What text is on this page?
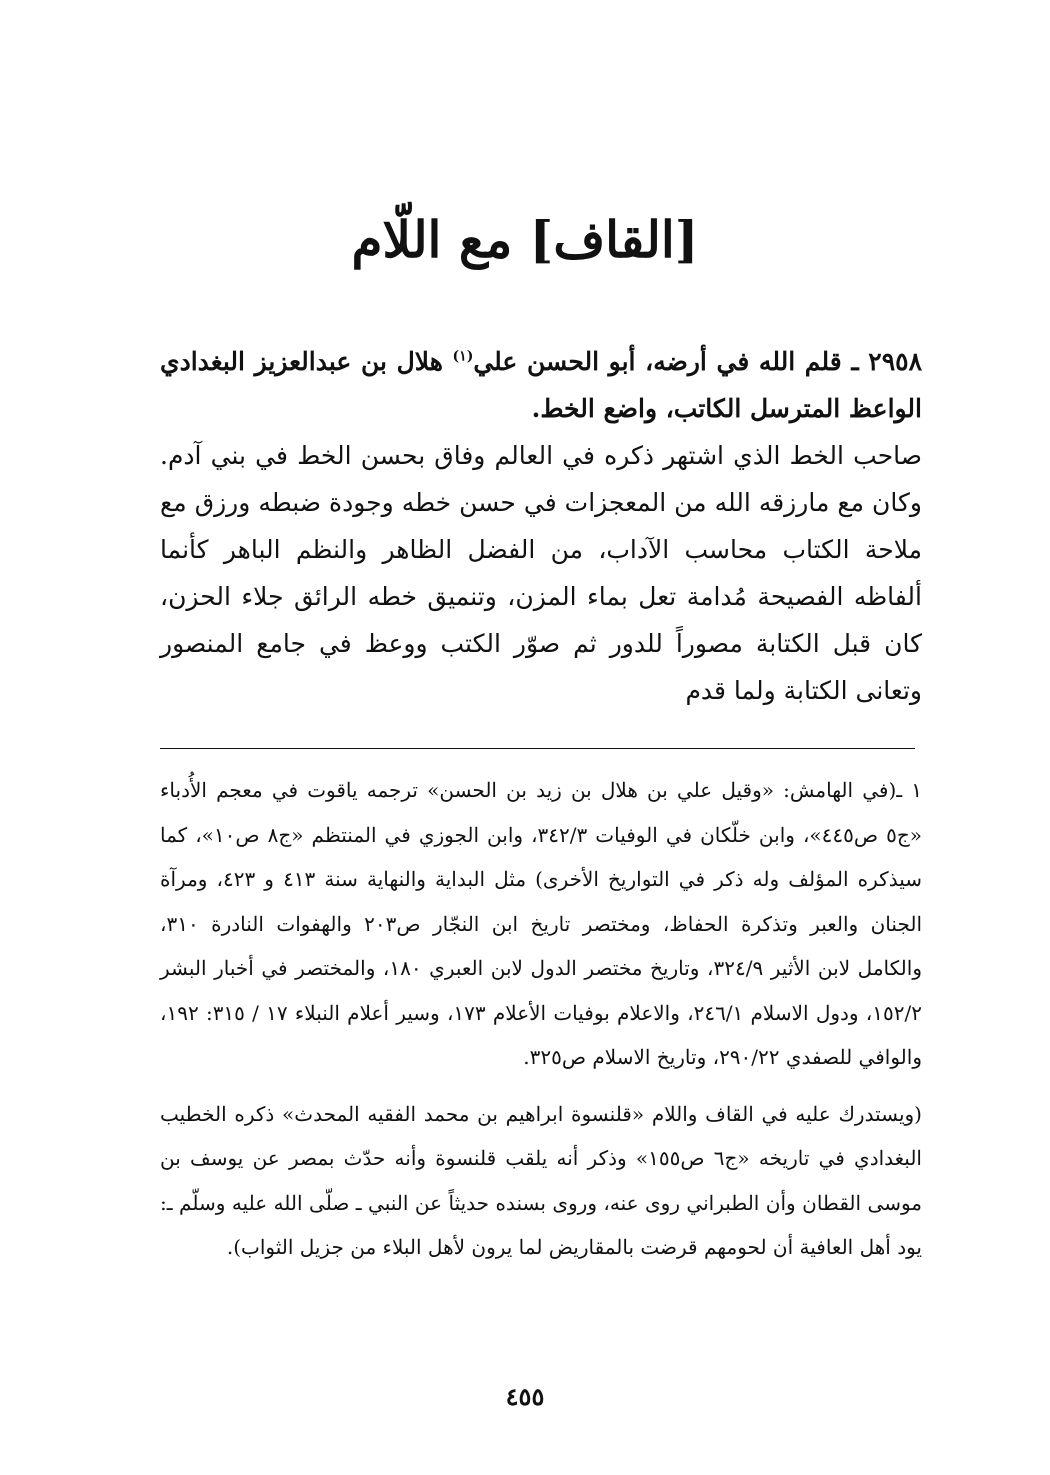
[القاف] مع اللّام

٢٩٥٨ ـ قلم الله في أرضه، أبو الحسن علي$^{(١)}$ هلال بن عبدالعزيز البغدادي الواعظ المترسل الكاتب، واضع الخط.

صاحب الخط الذي اشتهر ذكره في العالم وفاق بحسن الخط في بني آدم. وكان مع مارزقه الله من المعجزات في حسن خطه وجودة ضبطه ورزق مع ملاحة الكتاب محاسب الآداب، من الفضل الظاهر والنظم الباهر كأنما ألفاظه الفصيحة مُدامة تعل بماء المزن، وتنميق خطه الرائق جلاء الحزن، كان قبل الكتابة مصوراً للدور ثم صوّر الكتب ووعظ في جامع المنصور وتعانى الكتابة ولما قدم

١ ـ(في الهامش: «وقيل علي بن هلال بن زيد بن الحسن» ترجمه ياقوت في معجم الأُدباء «ج٥ ص٤٤٥»، وابن خلّكان في الوفيات ٣٤٢/٣، وابن الجوزي في المنتظم «ج٨ ص١٠»، كما سيذكره المؤلف وله ذكر في التواريخ الأخرى) مثل البداية والنهاية سنة ٤١٣ و ٤٢٣، ومرآة الجنان والعبر وتذكرة الحفاظ، ومختصر تاريخ ابن النجّار ص٢٠٣ والهفوات النادرة ٣١٠، والكامل لابن الأثير ٣٢٤/٩، وتاريخ مختصر الدول لابن العبري ١٨٠، والمختصر في أخبار البشر ١٥٢/٢، ودول الاسلام ٢٤٦/١، والاعلام بوفيات الأعلام ١٧٣، وسير أعلام النبلاء ١٧ / ٣١٥: ١٩٢، والوافي للصفدي ٢٩٠/٢٢، وتاريخ الاسلام ص٣٢٥.

(ويستدرك عليه في القاف واللام «قلنسوة ابراهيم بن محمد الفقيه المحدث» ذكره الخطيب البغدادي في تاريخه «ج٦ ص١٥٥» وذكر أنه يلقب قلنسوة وأنه حدّث بمصر عن يوسف بن موسى القطان وأن الطبراني روى عنه، وروى بسنده حديثاً عن النبي ـ صلّى الله عليه وسلّم ـ: يود أهل العافية أن لحومهم قرضت بالمقاريض لما يرون لأهل البلاء من جزيل الثواب).

٤٥٥
